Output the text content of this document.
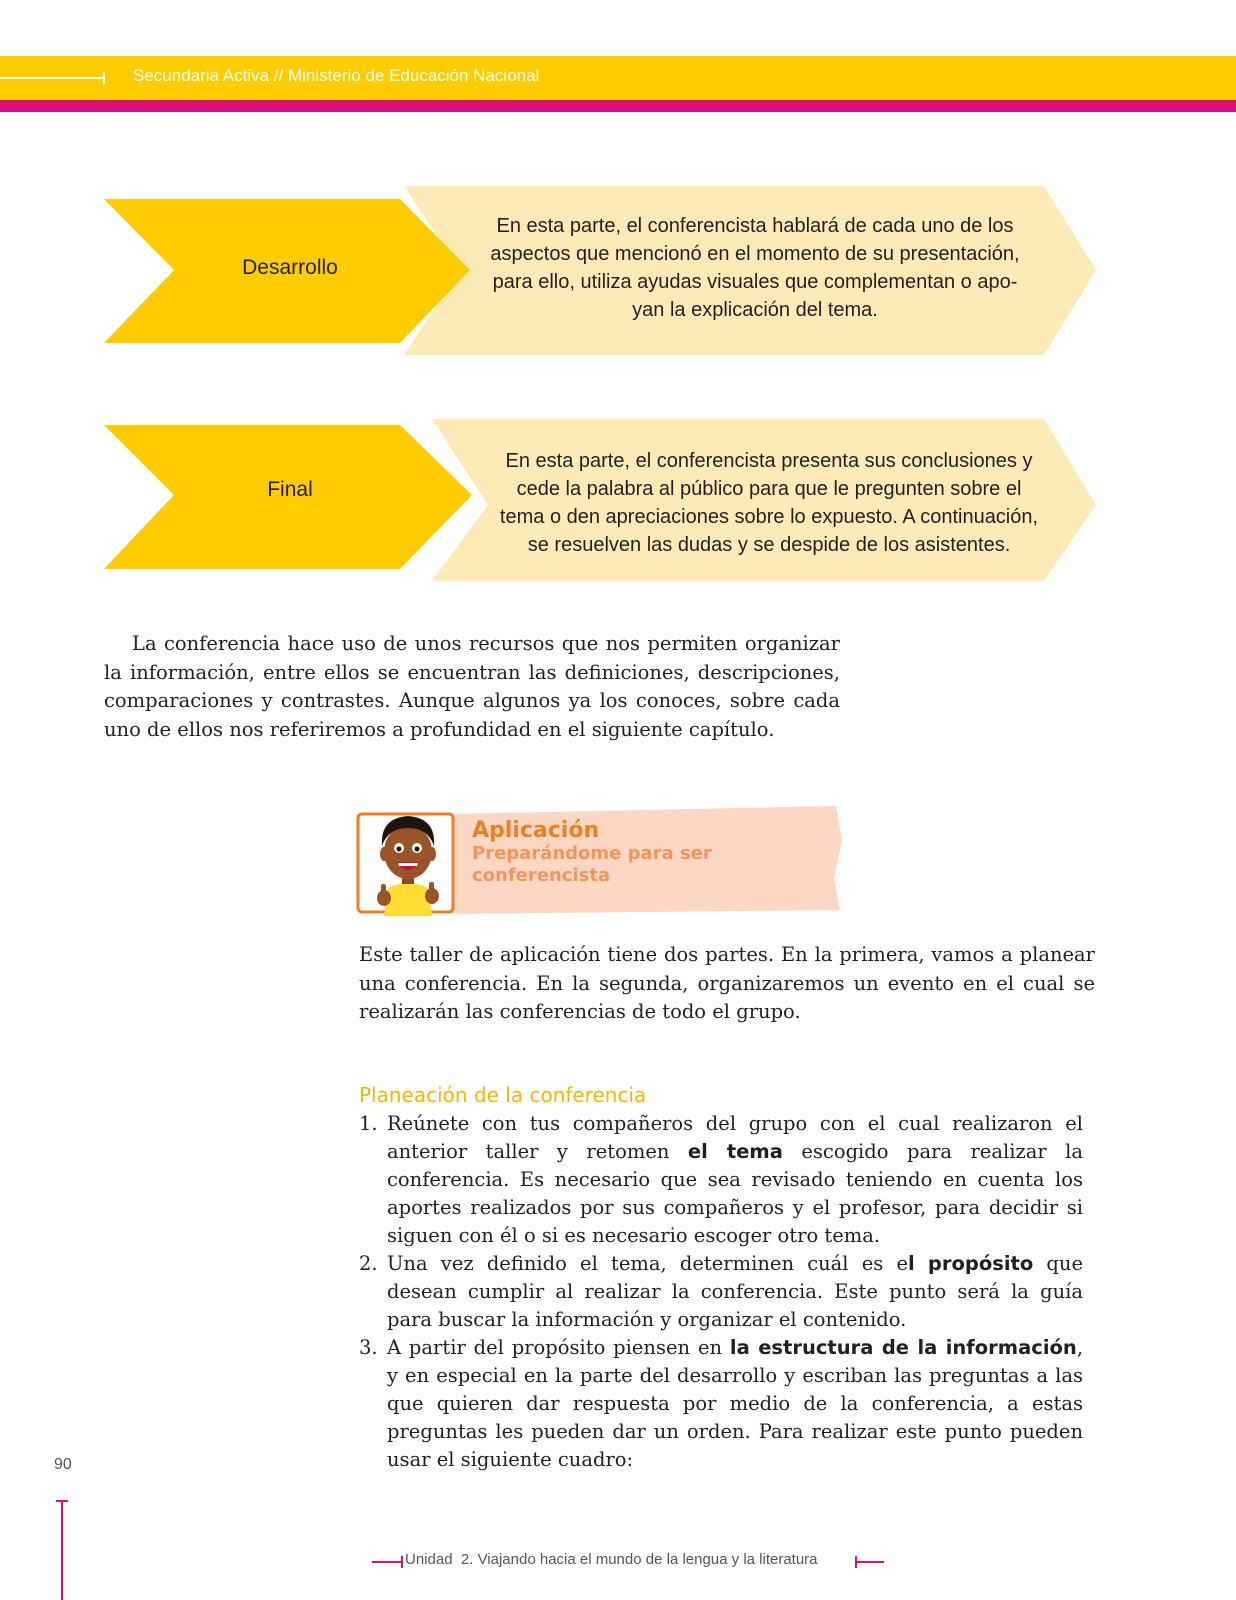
Secundaria Activa // Ministerio de Educación Nacional
Desarrollo
En esta parte, el conferencista hablará de cada uno de los aspectos que mencionó en el momento de su presentación, para ello, utiliza ayudas visuales que complementan o apo-yan la explicación del tema.
Final
En esta parte, el conferencista presenta sus conclusiones y cede la palabra al público para que le pregunten sobre el tema o den apreciaciones sobre lo expuesto. A continuación, se resuelven las dudas y se despide de los asistentes.
La conferencia hace uso de unos recursos que nos permiten organizar la información, entre ellos se encuentran las definiciones, descripciones, comparaciones y contrastes. Aunque algunos ya los conoces, sobre cada uno de ellos nos referiremos a profundidad en el siguiente capítulo.
Aplicación
Preparándome para ser
conferencista
Este taller de aplicación tiene dos partes. En la primera, vamos a planear una conferencia. En la segunda, organizaremos un evento en el cual se realizarán las conferencias de todo el grupo.
Planeación de la conferencia
1. Reúnete con tus compañeros del grupo con el cual realizaron el anterior taller y retomen el tema escogido para realizar la conferencia. Es necesario que sea revisado teniendo en cuenta los aportes realizados por sus compañeros y el profesor, para decidir si siguen con él o si es necesario escoger otro tema.
2. Una vez definido el tema, determinen cuál es el propósito que desean cumplir al realizar la conferencia. Este punto será la guía para buscar la información y organizar el contenido.
3. A partir del propósito piensen en la estructura de la información, y en especial en la parte del desarrollo y escriban las preguntas a las que quieren dar respuesta por medio de la conferencia, a estas preguntas les pueden dar un orden. Para realizar este punto pueden usar el siguiente cuadro:
90
Unidad 2. Viajando hacia el mundo de la lengua y la literatura
